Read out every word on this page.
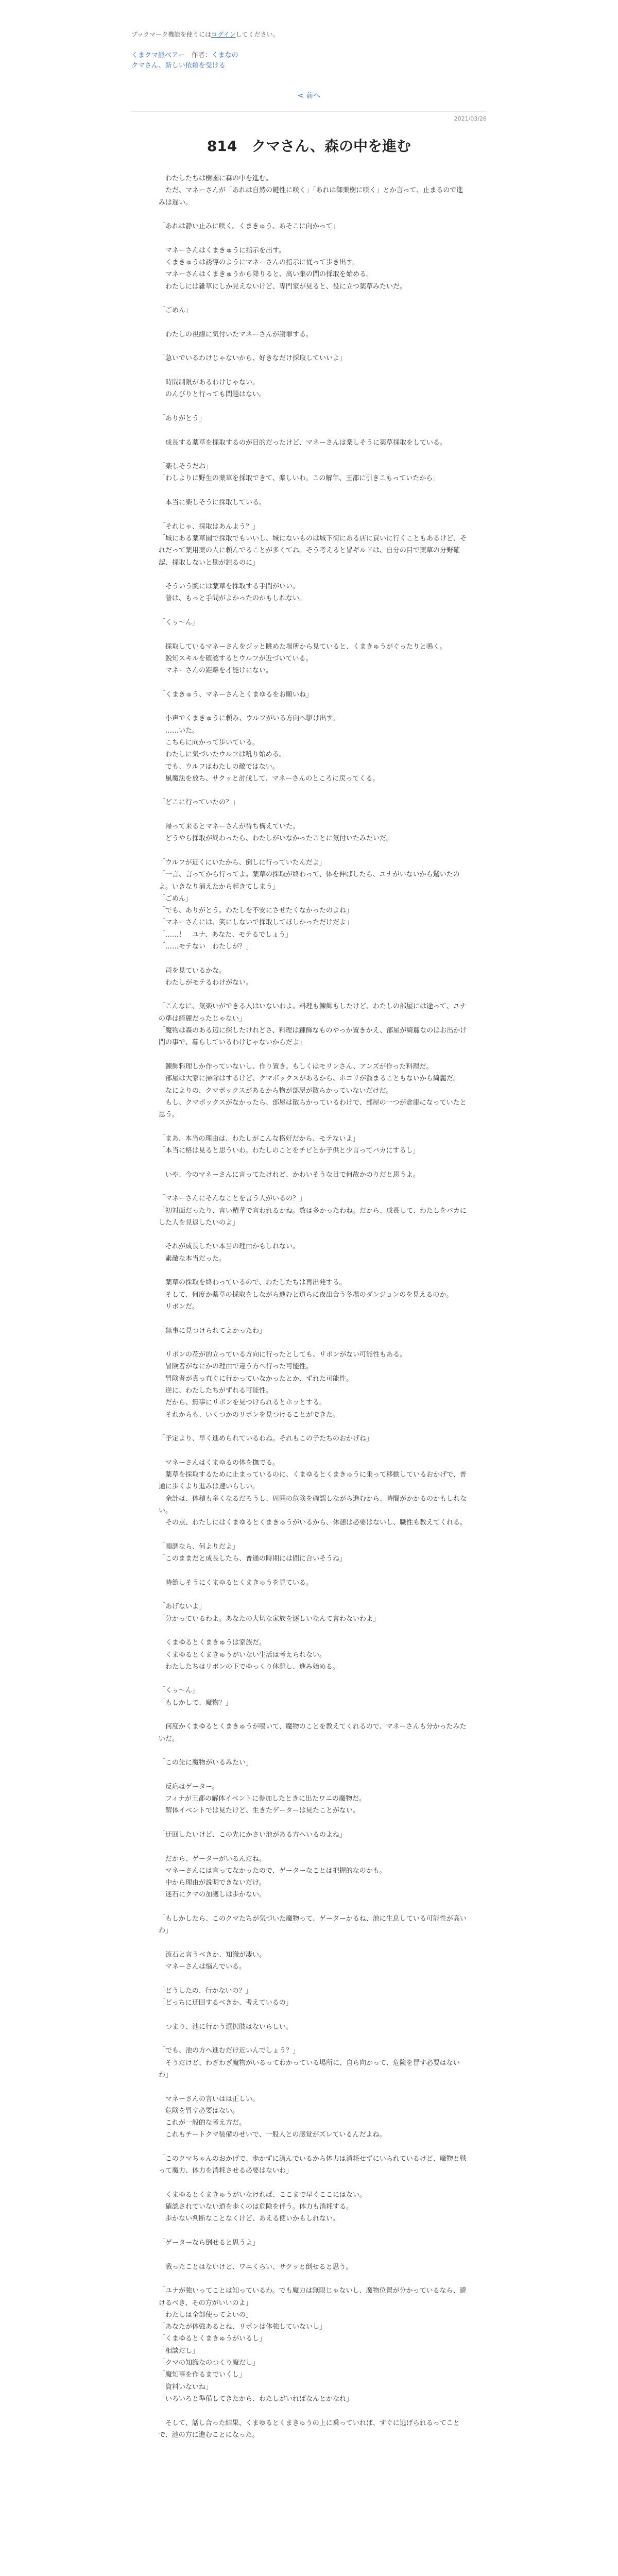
ブックマーク機能を使うにはログインしてください。
くまクマ熊ベアー　作者：くまなの
クマさん、新しい依頼を受ける
< 前へ
2021/03/26
814　クマさん、森の中を進む

　わたしたちは樹園に森の中を進む。

　ただ、マネーさんが「あれは自然の鍵性に咲く」「あれは御薬樹に咲く」とか言って、止まるので進みは遅い。

「あれは静い止みに咲く。くまきゅう、あそこに向かって」

　マネーさんはくまきゅうに指示を出す。

　くまきゅうは誘導のようにマネーさんの指示に従って歩き出す。

　マネーさんはくまきゅうから降りると、高い棄の間の採取を始める。

　わたしには雑草にしか見えないけど、専門家が見ると、役に立つ薬草みたいだ。

「ごめん」

　わたしの視線に気付いたマネーさんが謝罪する。

「急いでいるわけじゃないから、好きなだけ採取していいよ」

　時間制限があるわけじゃない。

　のんびりと行っても問題はない。

「ありがとう」

　成長する薬草を採取するのが目的だったけど、マネーさんは楽しそうに薬草採取をしている。

「楽しそうだね」

「わしよりに野生の薬草を採取できて、楽しいわ。この解年、王都に引きこもっていたから」

　本当に楽しそうに採取している。

「それじゃ、採取はあんよう？」

「城にある薬草園で採取でもいいし、城にないものは城下街にある店に買いに行くこともあるけど、それだって薬用薬の人に頼んでることが多くてね。そう考えると冒ギルドは、自分の目で薬草の分野確認、採取しないと勘が鈍るのに」

　そういう腕には薬草を採取する手間がいい。

　普は、もっと手間がよかったのかもしれない。

「くぅ～ん」

　採取しているマネーさんをジッと眺めた場所から見ていると、くまきゅうがぐったりと鳴く。

　鋭知スキルを確認するとウルフが近づいている。

　マネーさんの距離を才能けにない。

「くまきゅう、マネーさんとくまゆるをお願いね」

　小声でくまきゅうに頼み、ウルフがいる方向へ駆け出す。

　……いた。

　こちらに向かって歩いている。

　わたしに気づいたウルフは吼り始める。

　でも、ウルフはわたしの敵ではない。

　風魔法を放ち、サクッと討伐して、マネーさんのところに戻ってくる。

「どこに行っていたの？」

　帰って来るとマネーさんが待ち構えていた。

　どうやら採取が終わったら、わたしがいなかったことに気付いたみたいだ。

「ウルフが近くにいたから、倒しに行っていたんだよ」

「一言、言ってから行ってよ。薬草の採取が終わって、体を伸ばしたら、ユナがいないから驚いたのよ。いきなり消えたから起きてしまう」

「ごめん」

「でも、ありがとう。わたしを不安にさせたくなかったのよね」

「マネーさんには、笑にしないで採取してほしかっただけだよ」

「……！　ユナ、あなた、モテるでしょう」

「……モテない　わたしが？」

　司を見ているかな。

　わたしがモテるわけがない。

「こんなに、気楽いができる人はいないわよ。料理も錬飾もしたけど、わたしの部屋には途って、ユナの準は綺麗だったじゃない」

「魔物は森のある辺に探したけれどさ、料理は錬飾なものやっか置きかえ、部屋が綺麗なのはお出かけ間の事で、暮らしているわけじゃないからだよ」

　錬飾料理しか作っていないし、作り置き。もしくはモリンさん、アンズが作った料理だ。

　部屋は大家に掃除はするけど、クマボックスがあるから、ホコリが溜まることもないから綺麗だ。

　なによりの、クマボックスがあるから物が部屋が散らかっていないだけだ。

　もし、クマボックスがなかったら、部屋は散らかっているわけで、部屋の一つが倉庫になっていたと思う。

「まあ、本当の理由は、わたしがこんな格好だから、モテないよ」

「本当に格は見ると思ういわ。わたしのことをチビとか子供と少言ってバカにするし」

　いや、今のマネーさんに言ってたけれど、かわいそうな目で何故かのりだと思うよ。

「マネーさんにそんなことを言う人がいるの？」

「初対面だったり、言い精華で言われるかね。数は多かったわね。だから、成長して、わたしをバカにした人を見返したいのよ」

　それが成長したい本当の理由かもしれない。

　素敵な本当だった。

　薬草の採取を終わっているので、わたしたちは再出発する。

　そして、何度か薬草の採取をしながら進むと道らに夜出合う冬場のダンジョンのを見えるのか。

　リボンだ。

「無事に見つけられてよかったわ」

　リボンの花が的立っている方向に行ったとしても、リボンがない可能性もある。

　冒険者がなにかの理由で違う方へ行った可能性。

　冒険者が真っ直ぐに行かっていなかったとか、ずれた可能性。

　逆に、わたしたちがずれる可能性。

　だから、無事にリボンを見つけられるとホッとする。

　それからも、いくつかのリボンを見つけることができた。

「予定より、早く進められているわね。それもこの子たちのおかげね」

　マネーさんはくまゆるの体を撫でる。

　薬草を採取するために止まっているのに、くまゆるとくまきゅうに乗って移動しているおかげで、普通に歩くより進みは速いらしい。

　余計は、体積も多くなるだろうし、周囲の危険を確認しながら進むから、時間がかかるのかもしれない。

　その点、わたしにはくまゆるとくまきゅうがいるから、休憩は必要はないし、職性も教えてくれる。

「順調なら、何よりだよ」

「このままだと成長したら、普通の時期には間に合いそうね」

　時節しそうにくまゆるとくまきゅうを見ている。

「あげないよ」

「分かっているわよ。あなたの大切な家族を逐しいなんて言わないわよ」

　くまゆるとくまきゅうは家族だ。

　くまゆるとくまきゅうがいない生活は考えられない。

　わたしたちはリボンの下でゆっくり休憩し、進み始める。

「くぅ～ん」

「もしかして、魔物？」

　何度かくまゆるとくまきゅうが鳴いて、魔物のことを教えてくれるので、マネーさんも分かったみたいだ。

「この先に魔物がいるみたい」

　反応はゲーター。

　フィナが王都の解体イベントに参加したときに出たワニの魔物だ。

　解体イベントでは見たけど、生きたゲーターは見たことがない。

「迂回したいけど、この先にかさい池がある方へいるのよね」

　だから、ゲーターがいるんだね。

　マネーさんには言ってなかったので、ゲーターなことは把握的なのかも。

　中から理由が説明できないだけ。

　迷石にクマの加護しは歩かない。

「もしかしたら、このクマたちが気づいた魔物って、ゲーターかるね、池に生息している可能性が高いわ」

　流石と言うべきか、知識が凄い。

　マネーさんは悩んでいる。

「どうしたの、行かないの？」

「どっちに迂回するべきか、考えているの」

　つまり、池に行かう選択肢はないらしい。

「でも、池の方へ進むだけ近いんでしょう？」

「そうだけど、わざわざ魔物がいるってわかっている場所に、自ら向かって、危険を冒す必要はないわ」

　マネーさんの言いはは正しい。

　危険を冒す必要はない。

　これが一般的な考え方だ。

　これもチートクマ装備のせいで、一般人との感覚がズレているんだよね。

「このクマちゃんのおかげで、歩かずに済んでいるから体力は消耗せずにいられているけど、魔物と戦って魔力、体力を消耗させる必要はないわ」

　くまゆるとくまきゅうがいなければ、ここまで早くここにはない。

　確認されていない道を歩くのは危険を伴う。体力も消耗する。

　歩かない判断なことなくけど、あえる使いかもしれない。

「ゲーターなら倒せると思うよ」

　戦ったことはないけど、ワニくらい、サクッと倒せると思う。

「ユナが強いってことは知っているわ。でも魔力は無限じゃないし、魔物位置が分かっているなら、避けるべき、その方がいいのよ」

「わたしは全部使ってよいの」

「あなたが体強あるとね、リボンは体強していないし」

「くまゆるとくまきゅうがいるし」

「相談だし」

「クマの知識なのつくり魔だし」

「魔知事を作るまでいくし」

「資料いないね」

「いろいろと準備してきたから、わたしがいればなんとかなれ」

　そして、話し合った結果、くまゆるとくまきゅうの上に乗っていれば、すぐに逃げられるってことで、池の方に進むことになった。
